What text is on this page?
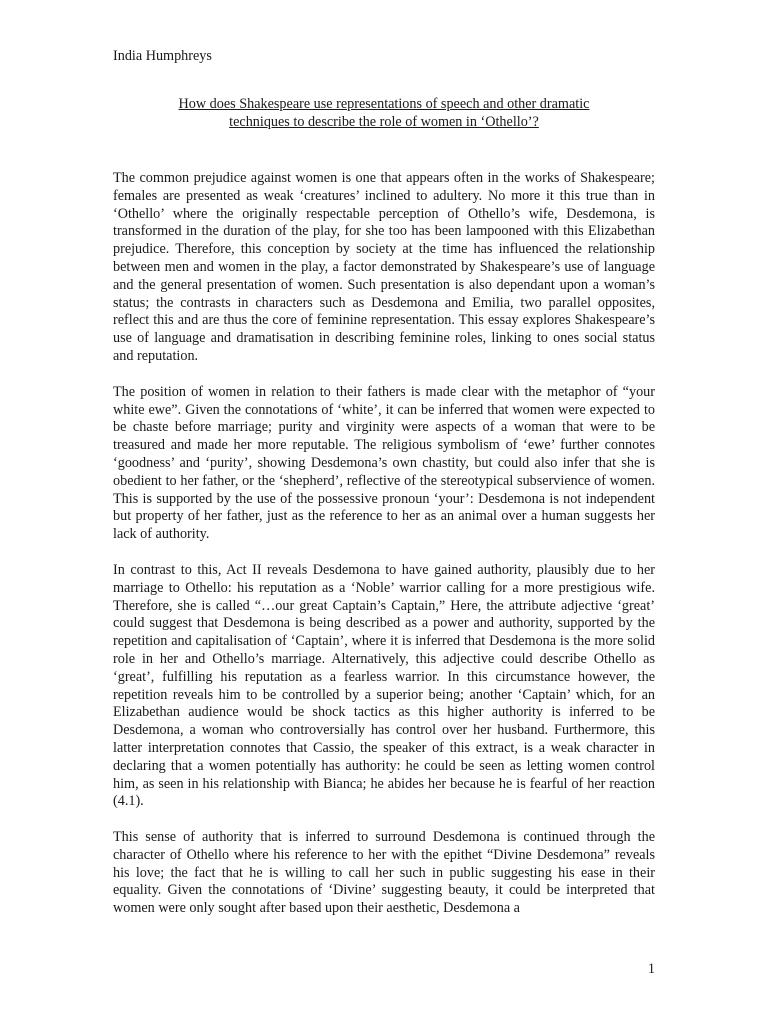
India Humphreys
How does Shakespeare use representations of speech and other dramatic
techniques to describe the role of women in ‘Othello’?

The common prejudice against women is one that appears often in the works of Shakespeare; females are presented as weak ‘creatures’ inclined to adultery. No more it this true than in ‘Othello’ where the originally respectable perception of Othello’s wife, Desdemona, is transformed in the duration of the play, for she too has been lampooned with this Elizabethan prejudice. Therefore, this conception by society at the time has influenced the relationship between men and women in the play, a factor demonstrated by Shakespeare’s use of language and the general presentation of women. Such presentation is also dependant upon a woman’s status; the contrasts in characters such as Desdemona and Emilia, two parallel opposites, reflect this and are thus the core of feminine representation. This essay explores Shakespeare’s use of language and dramatisation in describing feminine roles, linking to ones social status and reputation.

The position of women in relation to their fathers is made clear with the metaphor of “your white ewe”. Given the connotations of ‘white’, it can be inferred that women were expected to be chaste before marriage; purity and virginity were aspects of a woman that were to be treasured and made her more reputable. The religious symbolism of ‘ewe’ further connotes ‘goodness’ and ‘purity’, showing Desdemona’s own chastity, but could also infer that she is obedient to her father, or the ‘shepherd’, reflective of the stereotypical subservience of women. This is supported by the use of the possessive pronoun ‘your’: Desdemona is not independent but property of her father, just as the reference to her as an animal over a human suggests her lack of authority.

In contrast to this, Act II reveals Desdemona to have gained authority, plausibly due to her marriage to Othello: his reputation as a ‘Noble’ warrior calling for a more prestigious wife. Therefore, she is called “…our great Captain’s Captain,” Here, the attribute adjective ‘great’ could suggest that Desdemona is being described as a power and authority, supported by the repetition and capitalisation of ‘Captain’, where it is inferred that Desdemona is the more solid role in her and Othello’s marriage. Alternatively, this adjective could describe Othello as ‘great’, fulfilling his reputation as a fearless warrior. In this circumstance however, the repetition reveals him to be controlled by a superior being; another ‘Captain’ which, for an Elizabethan audience would be shock tactics as this higher authority is inferred to be Desdemona, a woman who controversially has control over her husband. Furthermore, this latter interpretation connotes that Cassio, the speaker of this extract, is a weak character in declaring that a women potentially has authority: he could be seen as letting women control him, as seen in his relationship with Bianca; he abides her because he is fearful of her reaction (4.1).

This sense of authority that is inferred to surround Desdemona is continued through the character of Othello where his reference to her with the epithet “Divine Desdemona” reveals his love; the fact that he is willing to call her such in public suggesting his ease in their equality. Given the connotations of ‘Divine’ suggesting beauty, it could be interpreted that women were only sought after based upon their aesthetic, Desdemona a

1
